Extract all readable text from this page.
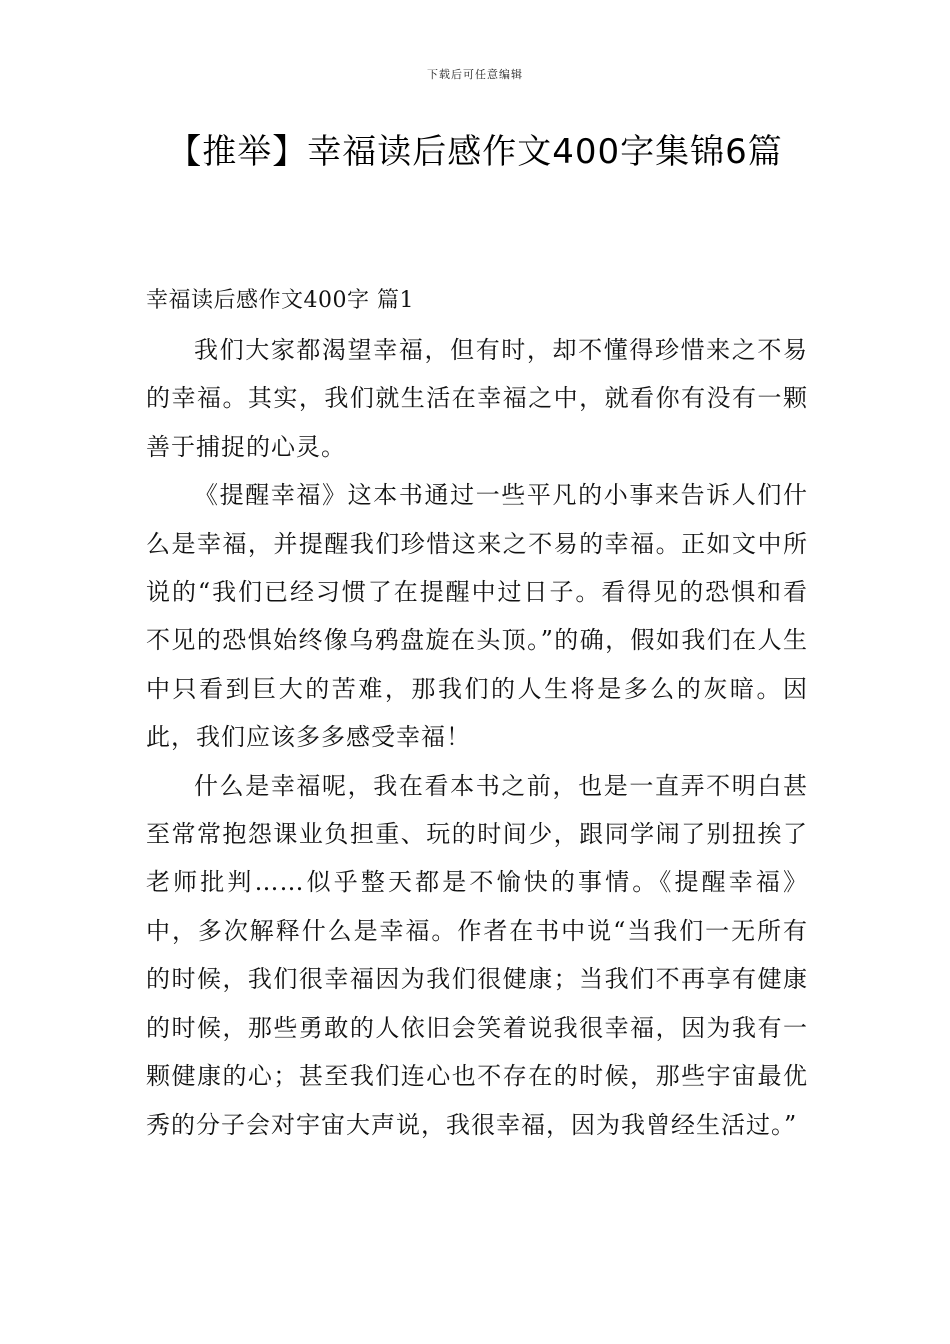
下载后可任意编辑
【推举】幸福读后感作文400字集锦6篇
幸福读后感作文400字 篇1

我们大家都渴望幸福，但有时，却不懂得珍惜来之不易的幸福。其实，我们就生活在幸福之中，就看你有没有一颗善于捕捉的心灵。

《提醒幸福》这本书通过一些平凡的小事来告诉人们什么是幸福，并提醒我们珍惜这来之不易的幸福。正如文中所说的“我们已经习惯了在提醒中过日子。看得见的恐惧和看不见的恐惧始终像乌鸦盘旋在头顶。”的确，假如我们在人生中只看到巨大的苦难，那我们的人生将是多么的灰暗。因此，我们应该多多感受幸福！

什么是幸福呢，我在看本书之前，也是一直弄不明白甚至常常抱怨课业负担重、玩的时间少，跟同学闹了别扭挨了老师批判……似乎整天都是不愉快的事情。《提醒幸福》中，多次解释什么是幸福。作者在书中说“当我们一无所有的时候，我们很幸福因为我们很健康；当我们不再享有健康的时候，那些勇敢的人依旧会笑着说我很幸福，因为我有一颗健康的心；甚至我们连心也不存在的时候，那些宇宙最优秀的分子会对宇宙大声说，我很幸福，因为我曾经生活过。”
